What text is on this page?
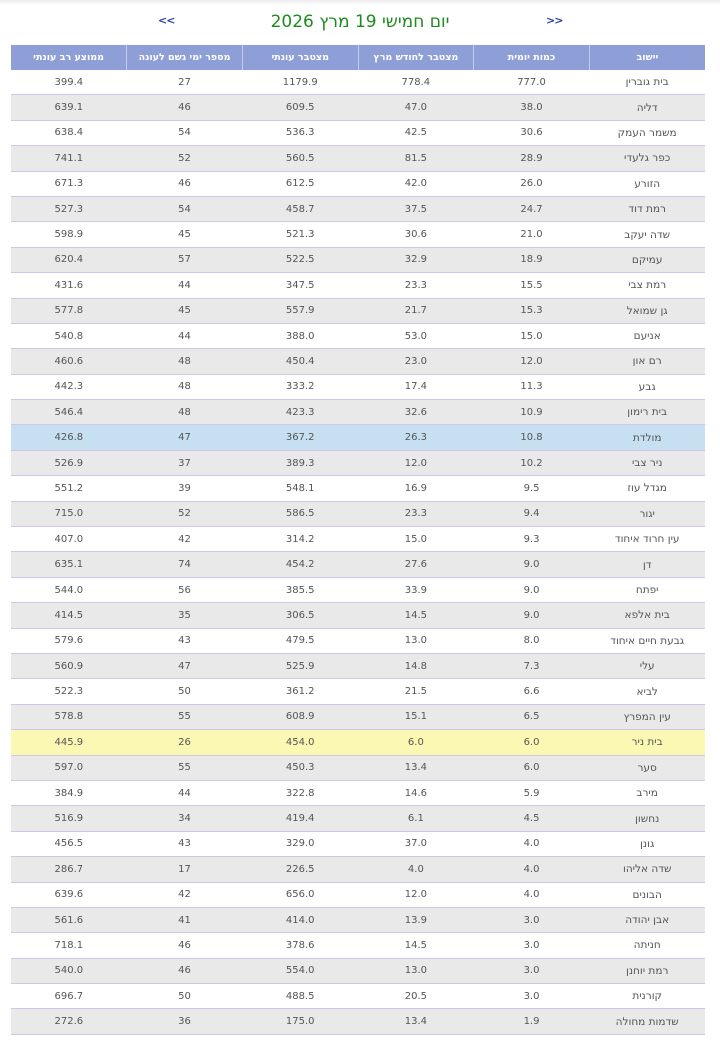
<<	יום חמישי 19 מרץ 2026	>>
יישוב	כמות יומית	מצטבר לחודש מרץ	מצטבר עונתי	מספר ימי גשם לעונה	ממוצע רב עונתי
בית גוברין	777.0	778.4	1179.9	27	399.4
דליה	38.0	47.0	609.5	46	639.1
משמר העמק	30.6	42.5	536.3	54	638.4
כפר גלעדי	28.9	81.5	560.5	52	741.1
הזורע	26.0	42.0	612.5	46	671.3
רמת דוד	24.7	37.5	458.7	54	527.3
שדה יעקב	21.0	30.6	521.3	45	598.9
עמיקם	18.9	32.9	522.5	57	620.4
רמת צבי	15.5	23.3	347.5	44	431.6
גן שמואל	15.3	21.7	557.9	45	577.8
אניעם	15.0	53.0	388.0	44	540.8
רם און	12.0	23.0	450.4	48	460.6
גבע	11.3	17.4	333.2	48	442.3
בית רימון	10.9	32.6	423.3	48	546.4
מולדת	10.8	26.3	367.2	47	426.8
ניר צבי	10.2	12.0	389.3	37	526.9
מגדל עוז	9.5	16.9	548.1	39	551.2
יגור	9.4	23.3	586.5	52	715.0
עין חרוד איחוד	9.3	15.0	314.2	42	407.0
דן	9.0	27.6	454.2	74	635.1
יפתח	9.0	33.9	385.5	56	544.0
בית אלפא	9.0	14.5	306.5	35	414.5
גבעת חיים איחוד	8.0	13.0	479.5	43	579.6
עלי	7.3	14.8	525.9	47	560.9
לביא	6.6	21.5	361.2	50	522.3
עין המפרץ	6.5	15.1	608.9	55	578.8
בית ניר	6.0	6.0	454.0	26	445.9
סער	6.0	13.4	450.3	55	597.0
מירב	5.9	14.6	322.8	44	384.9
נחשון	4.5	6.1	419.4	34	516.9
גונן	4.0	37.0	329.0	43	456.5
שדה אליהו	4.0	4.0	226.5	17	286.7
הבונים	4.0	12.0	656.0	42	639.6
אבן יהודה	3.0	13.9	414.0	41	561.6
חניתה	3.0	14.5	378.6	46	718.1
רמת יוחנן	3.0	13.0	554.0	46	540.0
קורנית	3.0	20.5	488.5	50	696.7
שדמות מחולה	1.9	13.4	175.0	36	272.6
